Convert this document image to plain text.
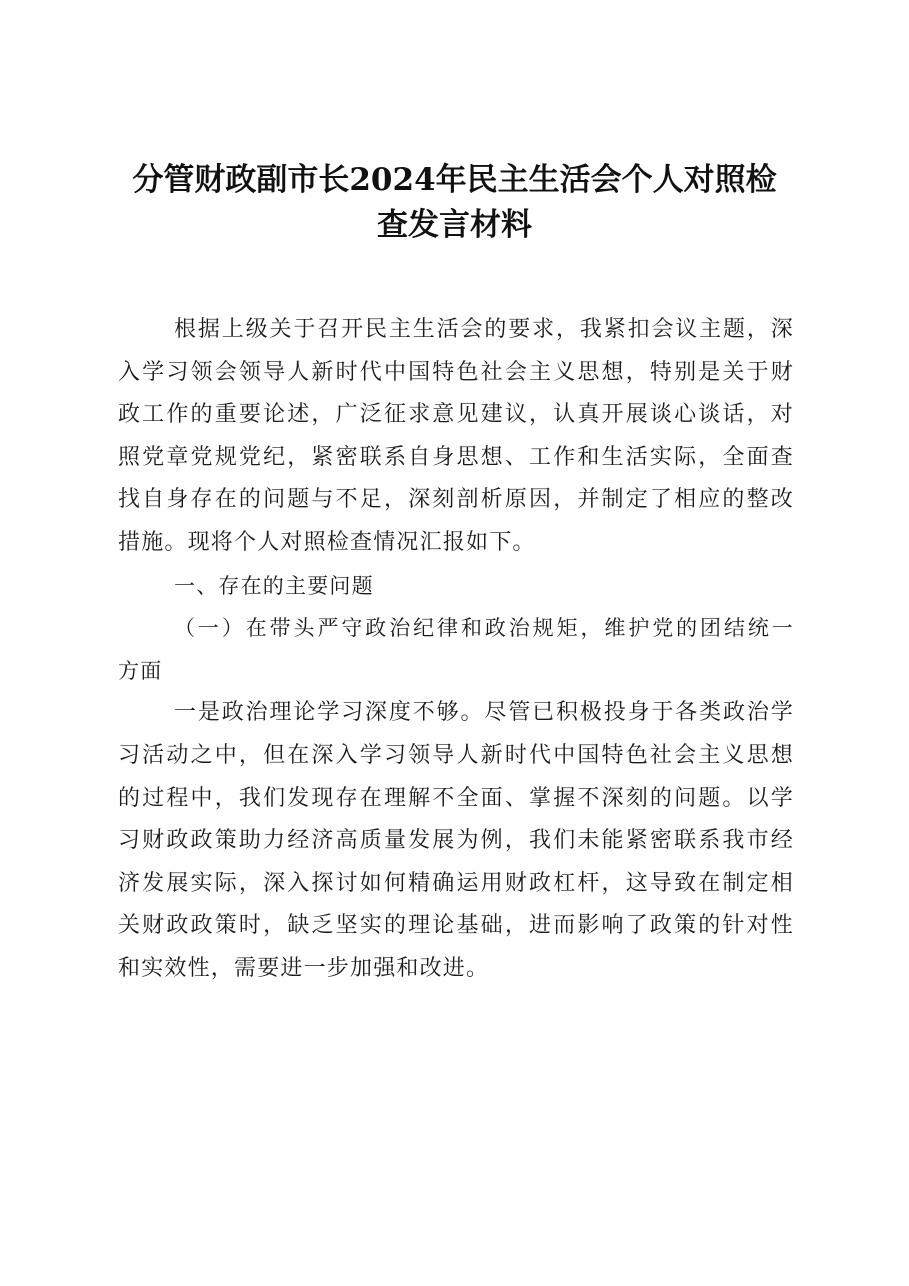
分管财政副市长2024年民主生活会个人对照检
查发言材料
根据上级关于召开民主生活会的要求，我紧扣会议主题，深
入学习领会领导人新时代中国特色社会主义思想，特别是关于财
政工作的重要论述，广泛征求意见建议，认真开展谈心谈话，对
照党章党规党纪，紧密联系自身思想、工作和生活实际，全面查
找自身存在的问题与不足，深刻剖析原因，并制定了相应的整改
措施。现将个人对照检查情况汇报如下。
一、存在的主要问题
（一）在带头严守政治纪律和政治规矩，维护党的团结统一
方面
一是政治理论学习深度不够。尽管已积极投身于各类政治学
习活动之中，但在深入学习领导人新时代中国特色社会主义思想
的过程中，我们发现存在理解不全面、掌握不深刻的问题。以学
习财政政策助力经济高质量发展为例，我们未能紧密联系我市经
济发展实际，深入探讨如何精确运用财政杠杆，这导致在制定相
关财政政策时，缺乏坚实的理论基础，进而影响了政策的针对性
和实效性，需要进一步加强和改进。
